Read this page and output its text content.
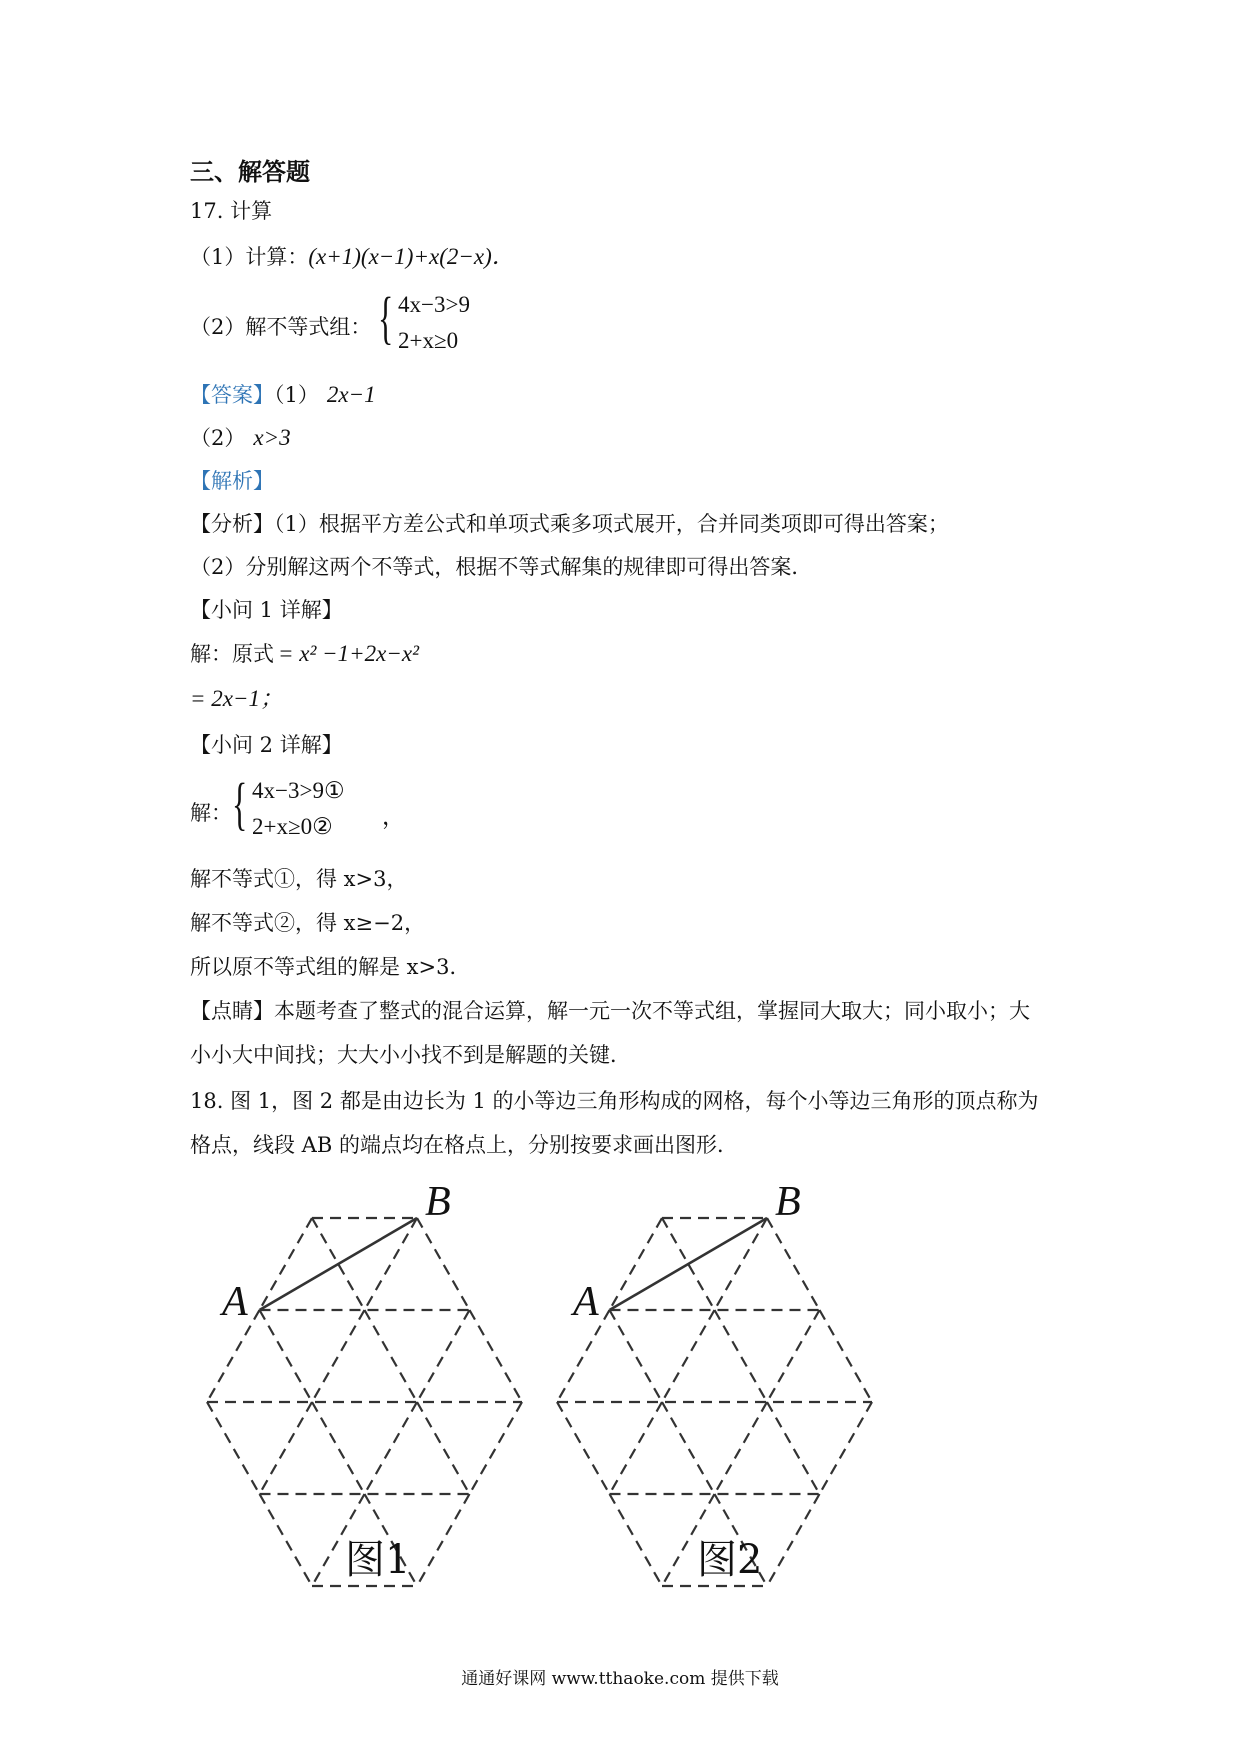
三、解答题
17. 计算
（1）计算：(x+1)(x−1)+x(2−x)．
（2）解不等式组： { 4x−3>9
2+x≥0
【答案】（1） 2x−1
（2） x>3
【解析】
【分析】（1）根据平方差公式和单项式乘多项式展开，合并同类项即可得出答案；
（2）分别解这两个不等式，根据不等式解集的规律即可得出答案．
【小问 1 详解】
解：原式 = x² −1+2x−x²
= 2x−1；
【小问 2 详解】
解： { 4x−3>9①
2+x≥0② ，
解不等式①，得 x>3，
解不等式②，得 x≥−2，
所以原不等式组的解是 x>3．
【点睛】本题考查了整式的混合运算，解一元一次不等式组，掌握同大取大；同小取小；大
小小大中间找；大大小小找不到是解题的关键．
18. 图 1，图 2 都是由边长为 1 的小等边三角形构成的网格，每个小等边三角形的顶点称为
格点，线段 AB 的端点均在格点上，分别按要求画出图形．
A
B
A
B
图1	图2
通通好课网 www.tthaoke.com 提供下载
